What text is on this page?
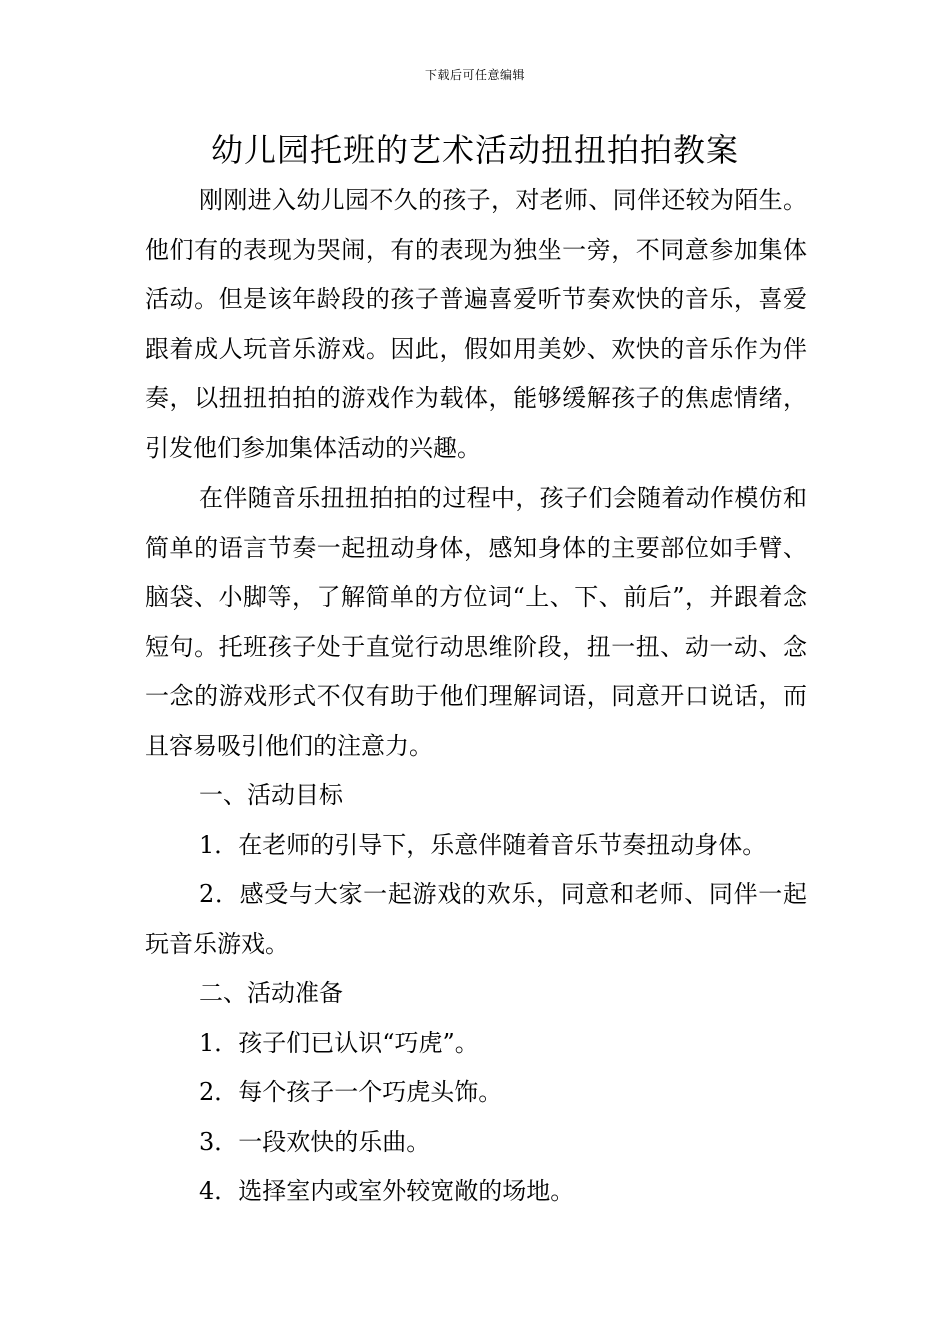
下载后可任意编辑
幼儿园托班的艺术活动扭扭拍拍教案

刚刚进入幼儿园不久的孩子，对老师、同伴还较为陌生。他们有的表现为哭闹，有的表现为独坐一旁，不同意参加集体活动。但是该年龄段的孩子普遍喜爱听节奏欢快的音乐，喜爱跟着成人玩音乐游戏。因此，假如用美妙、欢快的音乐作为伴奏，以扭扭拍拍的游戏作为载体，能够缓解孩子的焦虑情绪，引发他们参加集体活动的兴趣。

在伴随音乐扭扭拍拍的过程中，孩子们会随着动作模仿和简单的语言节奏一起扭动身体，感知身体的主要部位如手臂、脑袋、小脚等，了解简单的方位词“上、下、前后”，并跟着念短句。托班孩子处于直觉行动思维阶段，扭一扭、动一动、念一念的游戏形式不仅有助于他们理解词语，同意开口说话，而且容易吸引他们的注意力。

一、活动目标

1．在老师的引导下，乐意伴随着音乐节奏扭动身体。

2．感受与大家一起游戏的欢乐，同意和老师、同伴一起玩音乐游戏。

二、活动准备

1．孩子们已认识“巧虎”。

2．每个孩子一个巧虎头饰。

3．一段欢快的乐曲。

4．选择室内或室外较宽敞的场地。
